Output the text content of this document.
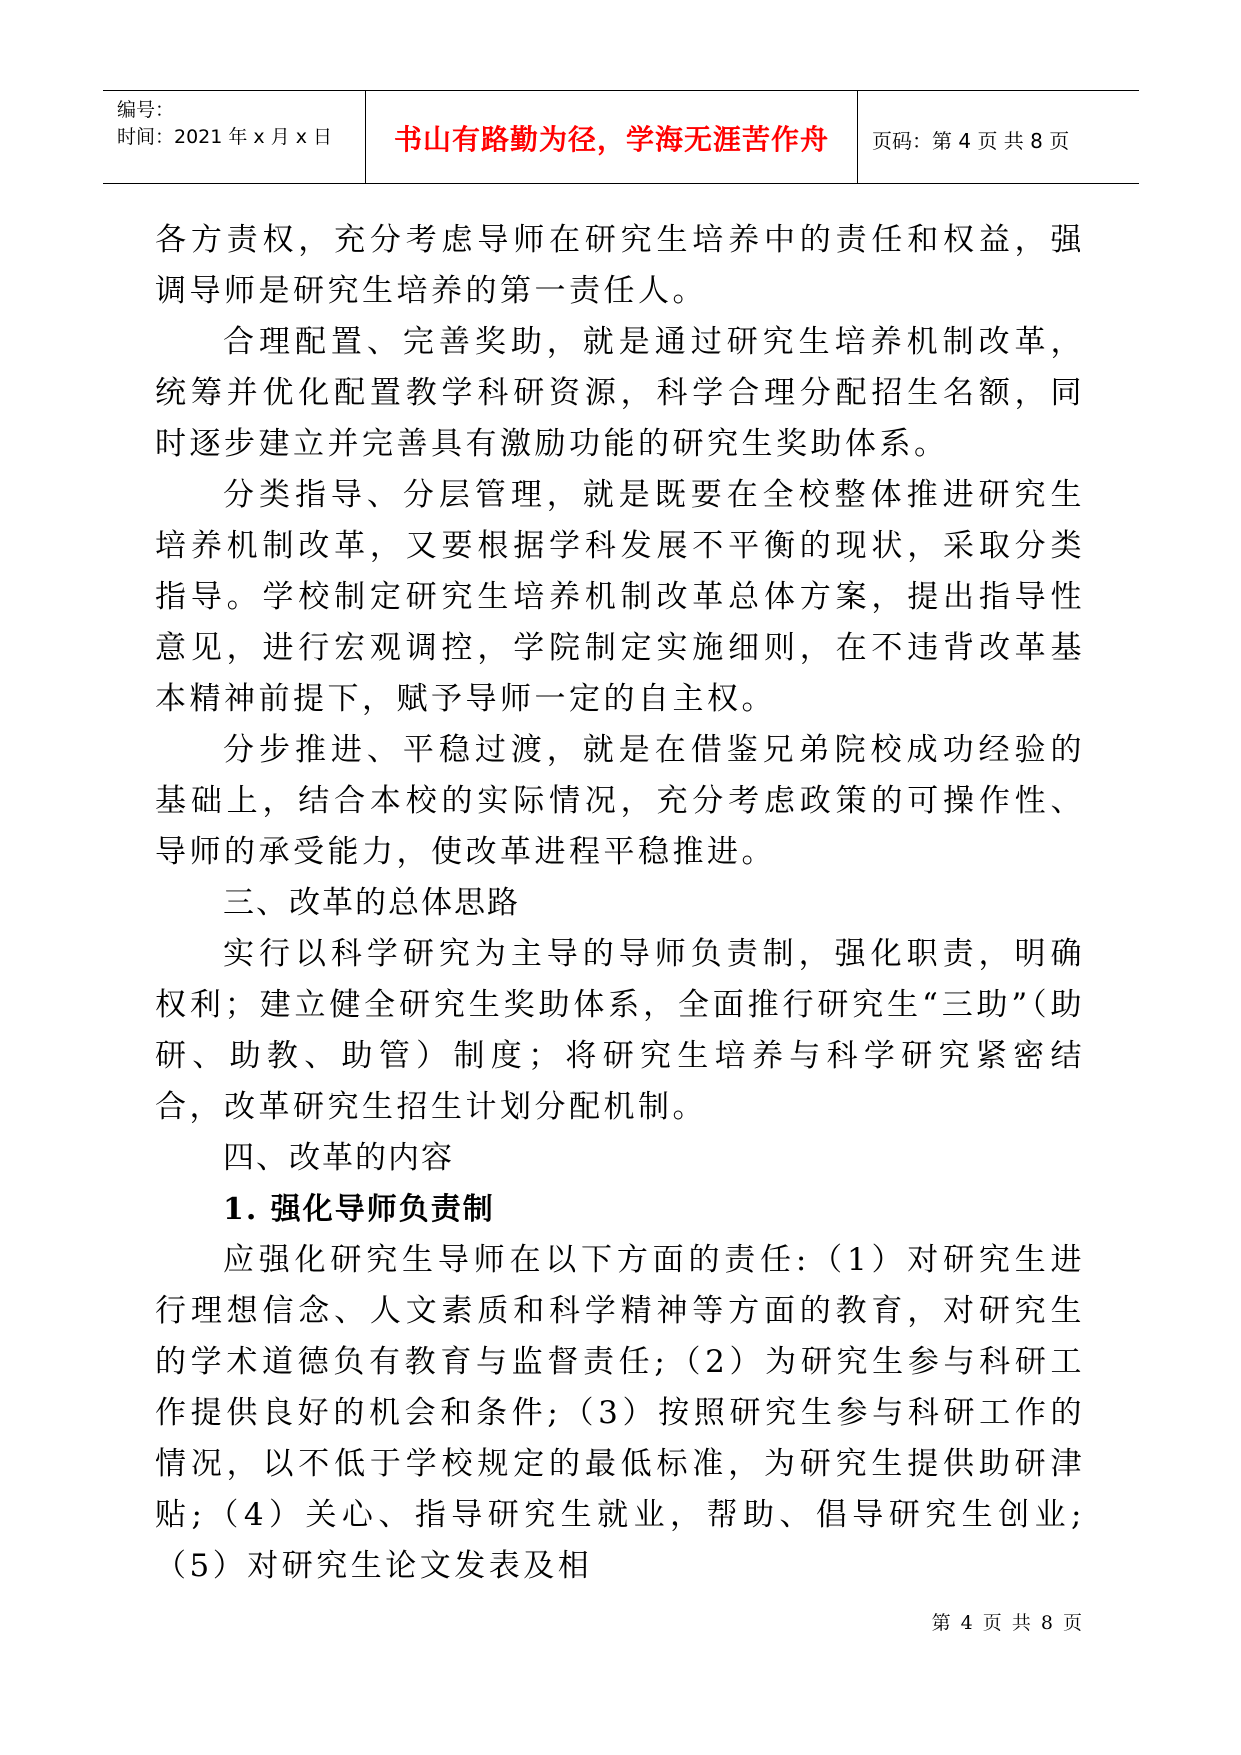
编号：
时间：2021 年 x 月 x 日	书山有路勤为径，学海无涯苦作舟	页码：第 4 页 共 8 页

各方责权，充分考虑导师在研究生培养中的责任和权益，强调导师是研究生培养的第一责任人。

合理配置、完善奖助，就是通过研究生培养机制改革，统筹并优化配置教学科研资源，科学合理分配招生名额，同时逐步建立并完善具有激励功能的研究生奖助体系。

分类指导、分层管理，就是既要在全校整体推进研究生培养机制改革，又要根据学科发展不平衡的现状，采取分类指导。学校制定研究生培养机制改革总体方案，提出指导性意见，进行宏观调控，学院制定实施细则，在不违背改革基本精神前提下，赋予导师一定的自主权。

分步推进、平稳过渡，就是在借鉴兄弟院校成功经验的基础上，结合本校的实际情况，充分考虑政策的可操作性、导师的承受能力，使改革进程平稳推进。

三、改革的总体思路

实行以科学研究为主导的导师负责制，强化职责，明确权利；建立健全研究生奖助体系，全面推行研究生“三助”（助研、助教、助管）制度；将研究生培养与科学研究紧密结合，改革研究生招生计划分配机制。

四、改革的内容

1. 强化导师负责制

应强化研究生导师在以下方面的责任:（1）对研究生进行理想信念、人文素质和科学精神等方面的教育，对研究生的学术道德负有教育与监督责任;（2）为研究生参与科研工作提供良好的机会和条件;（3）按照研究生参与科研工作的情况，以不低于学校规定的最低标准，为研究生提供助研津贴;（4）关心、指导研究生就业，帮助、倡导研究生创业;（5）对研究生论文发表及相

第 4 页 共 8 页
